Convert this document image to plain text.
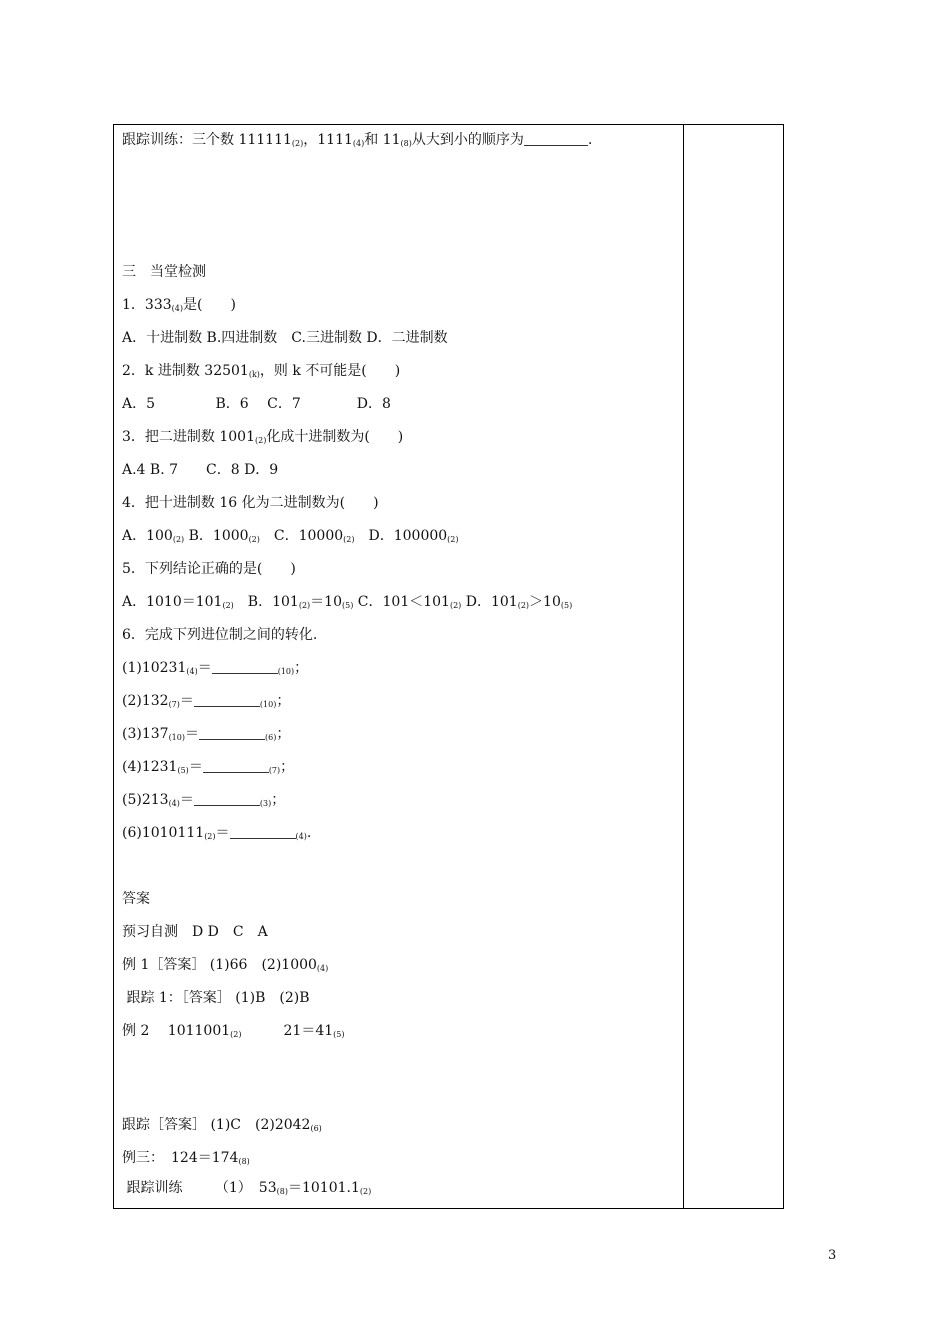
跟踪训练：三个数 $111111_{(2)}$，$1111_{(4)}$和 $11_{(8)}$从大到小的顺序为	.
三　当堂检测
1．$333_{(4)}$是(　　)
A．十进制数 B.四进制数　C.三进制数 D．二进制数
2．k 进制数 $32501_{(k)}$，则 k 不可能是(　　)
A．5　　　　 B．6　 C．7　　　　D．8
3．把二进制数 $1001_{(2)}$化成十进制数为(　　)
A.4 B. 7　　C．8 D．9
4．把十进制数 16 化为二进制数为(　　)
A．$100_{(2)}$ B．$1000_{(2)}$　C．$10000_{(2)}$　D．$100000_{(2)}$
5．下列结论正确的是(　　)
A．$1010=101_{(2)}$　B．$101_{(2)}=10_{(5)}$ C．$101<101_{(2)}$ D．$101_{(2)}>10_{(5)}$
6．完成下列进位制之间的转化.
$(1)10231_{(4)}=$	$_{(10)}$；
$(2)132_{(7)}=$	$_{(10)}$；
$(3)137_{(10)}=$	$_{(6)}$；
$(4)1231_{(5)}=$	$_{(7)}$；
$(5)213_{(4)}=$	$_{(3)}$；
$(6)1010111_{(2)}=$	$_{(4)}$.
答案
预习自测　D D　C　A
例 1［答案］ (1)66　$(2)1000_{(4)}$
跟踪 1：［答案］ (1)B　(2)B
例 2　 $1011001_{(2)}$　　　$21=41_{(5)}$
跟踪［答案］ (1)C　$(2)2042_{(6)}$
例三：　$124=174_{(8)}$
跟踪训练　　 （1）　$53_{(8)}=10101.1_{(2)}$
3
